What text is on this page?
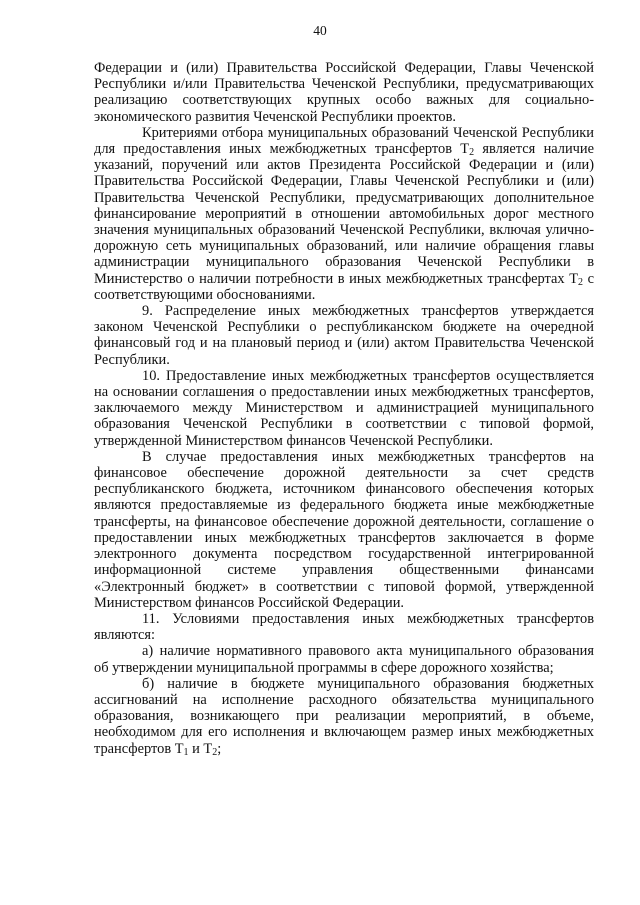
40

Федерации и (или) Правительства Российской Федерации, Главы Чеченской Республики и/или Правительства Чеченской Республики, предусматривающих реализацию соответствующих крупных особо важных для социально-экономического развития Чеченской Республики проектов.

Критериями отбора муниципальных образований Чеченской Республики для предоставления иных межбюджетных трансфертов $Т_2$ является наличие указаний, поручений или актов Президента Российской Федерации и (или) Правительства Российской Федерации, Главы Чеченской Республики и (или) Правительства Чеченской Республики, предусматривающих дополнительное финансирование мероприятий в отношении автомобильных дорог местного значения муниципальных образований Чеченской Республики, включая улично-дорожную сеть муниципальных образований, или наличие обращения главы администрации муниципального образования Чеченской Республики в Министерство о наличии потребности в иных межбюджетных трансфертах $Т_2$ с соответствующими обоснованиями.

9. Распределение иных межбюджетных трансфертов утверждается законом Чеченской Республики о республиканском бюджете на очередной финансовый год и на плановый период и (или) актом Правительства Чеченской Республики.

10. Предоставление иных межбюджетных трансфертов осуществляется на основании соглашения о предоставлении иных межбюджетных трансфертов, заключаемого между Министерством и администрацией муниципального образования Чеченской Республики в соответствии с типовой формой, утвержденной Министерством финансов Чеченской Республики.

В случае предоставления иных межбюджетных трансфертов на финансовое обеспечение дорожной деятельности за счет средств республиканского бюджета, источником финансового обеспечения которых являются предоставляемые из федерального бюджета иные межбюджетные трансферты, на финансовое обеспечение дорожной деятельности, соглашение о предоставлении иных межбюджетных трансфертов заключается в форме электронного документа посредством государственной интегрированной информационной системе управления общественными финансами «Электронный бюджет» в соответствии с типовой формой, утвержденной Министерством финансов Российской Федерации.

11. Условиями предоставления иных межбюджетных трансфертов являются:

а) наличие нормативного правового акта муниципального образования об утверждении муниципальной программы в сфере дорожного хозяйства;

б) наличие в бюджете муниципального образования бюджетных ассигнований на исполнение расходного обязательства муниципального образования, возникающего при реализации мероприятий, в объеме, необходимом для его исполнения и включающем размер иных межбюджетных трансфертов $Т_1$ и $Т_2$;
